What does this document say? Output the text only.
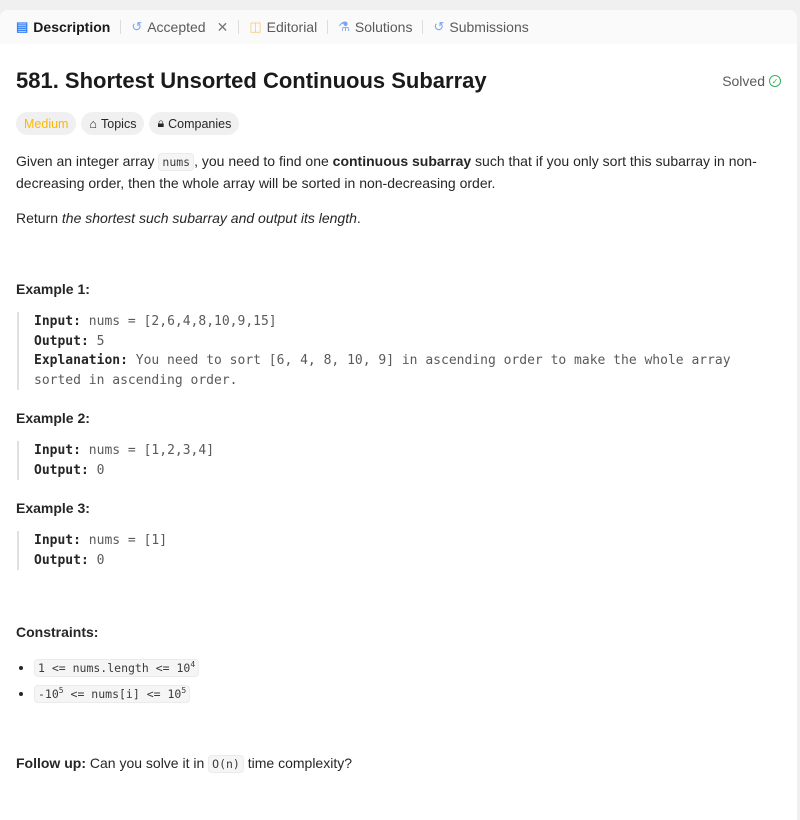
▤ Description ↺ Accepted ✕ ◫ Editorial ⚗ Solutions ↺ Submissions
581. Shortest Unsorted Continuous Subarray	Solved ✓
Medium	⌂ Topics 🔒︎ Companies

Given an integer array nums , you need to find one continuous subarray such that if you only sort this subarray in non-decreasing order, then the whole array will be sorted in non-decreasing order.

Return the shortest such subarray and output its length.

Example 1:

Input: nums = [2,6,4,8,10,9,15]
Output: 5
Explanation: You need to sort [6, 4, 8, 10, 9] in ascending order to make the whole array sorted in ascending order.

Example 2:

Input: nums = [1,2,3,4]
Output: 0

Example 3:

Input: nums = [1]
Output: 0

Constraints:

• 1 <= nums.length <= $10^4$
• $-10^5$ <= nums[i] <= $10^5$

Follow up: Can you solve it in O(n) time complexity?
